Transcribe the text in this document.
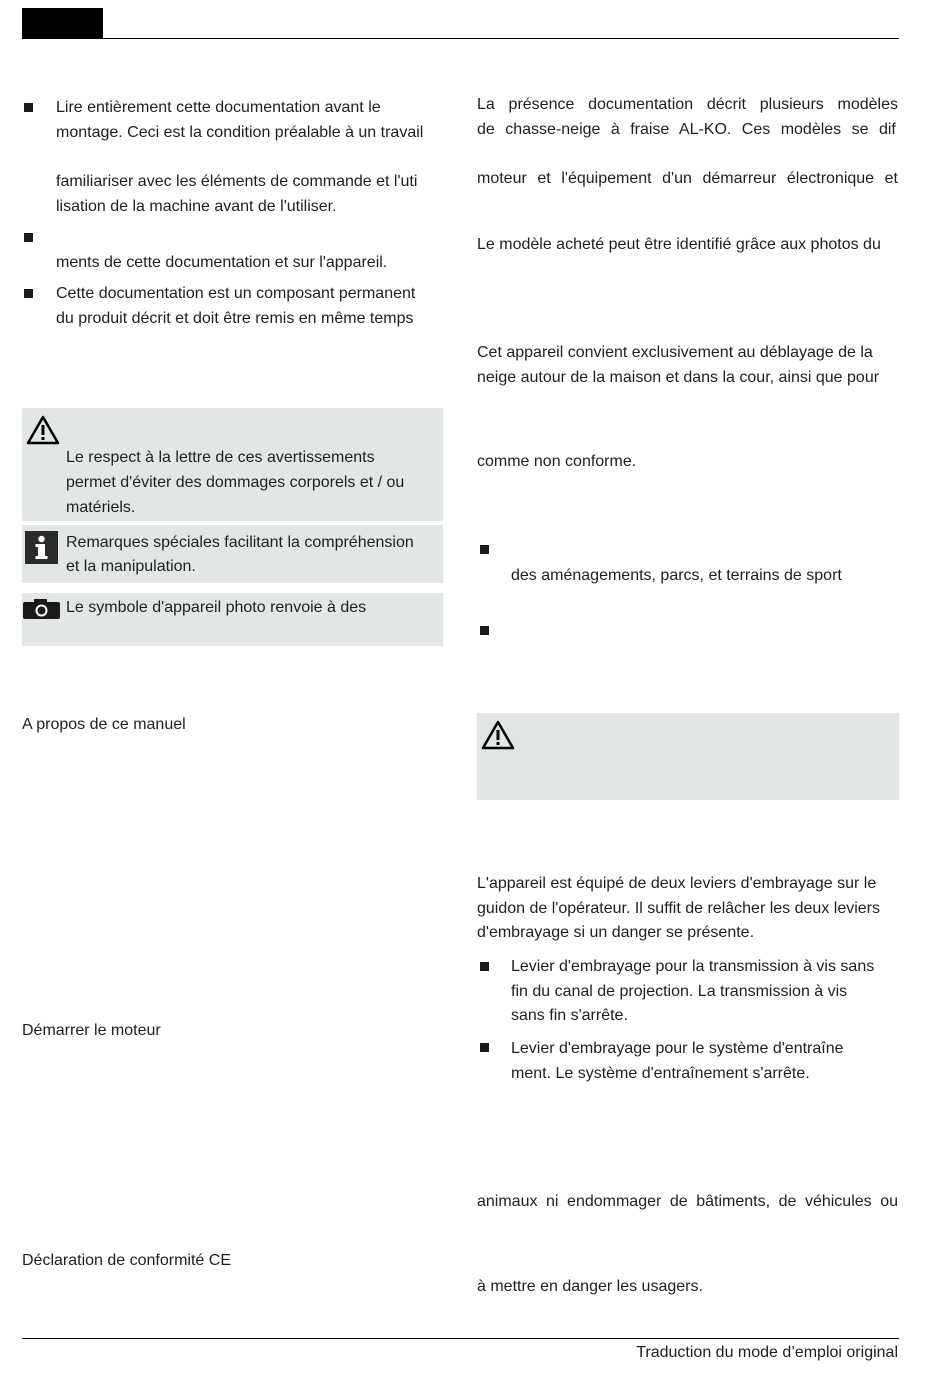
Lire entièrement cette documentation avant le
montage. Ceci est la condition préalable à un travail
familiariser avec les éléments de commande et l'uti
lisation de la machine avant de l'utiliser.
ments de cette documentation et sur l'appareil.
Cette documentation est un composant permanent
du produit décrit et doit être remis en même temps
Le respect à la lettre de ces avertissements
permet d'éviter des dommages corporels et / ou
matériels.
Remarques spéciales facilitant la compréhension
et la manipulation.
Le symbole d'appareil photo renvoie à des
A propos de ce manuel
Démarrer le moteur
Déclaration de conformité CE
La présence documentation décrit plusieurs modèles
de chasse-neige à fraise AL-KO. Ces modèles se dif
moteur et l'équipement d'un démarreur électronique et
Le modèle acheté peut être identifié grâce aux photos du
Cet appareil convient exclusivement au déblayage de la
neige autour de la maison et dans la cour, ainsi que pour
comme non conforme.
des aménagements, parcs, et terrains de sport
L'appareil est équipé de deux leviers d'embrayage sur le
guidon de l'opérateur. Il suffit de relâcher les deux leviers
d'embrayage si un danger se présente.
Levier d'embrayage pour la transmission à vis sans
fin du canal de projection. La transmission à vis
sans fin s'arrête.
Levier d'embrayage pour le système d'entraîne
ment. Le système d'entraînement s'arrête.
animaux ni endommager de bâtiments, de véhicules ou
à mettre en danger les usagers.
Traduction du mode d’emploi original
